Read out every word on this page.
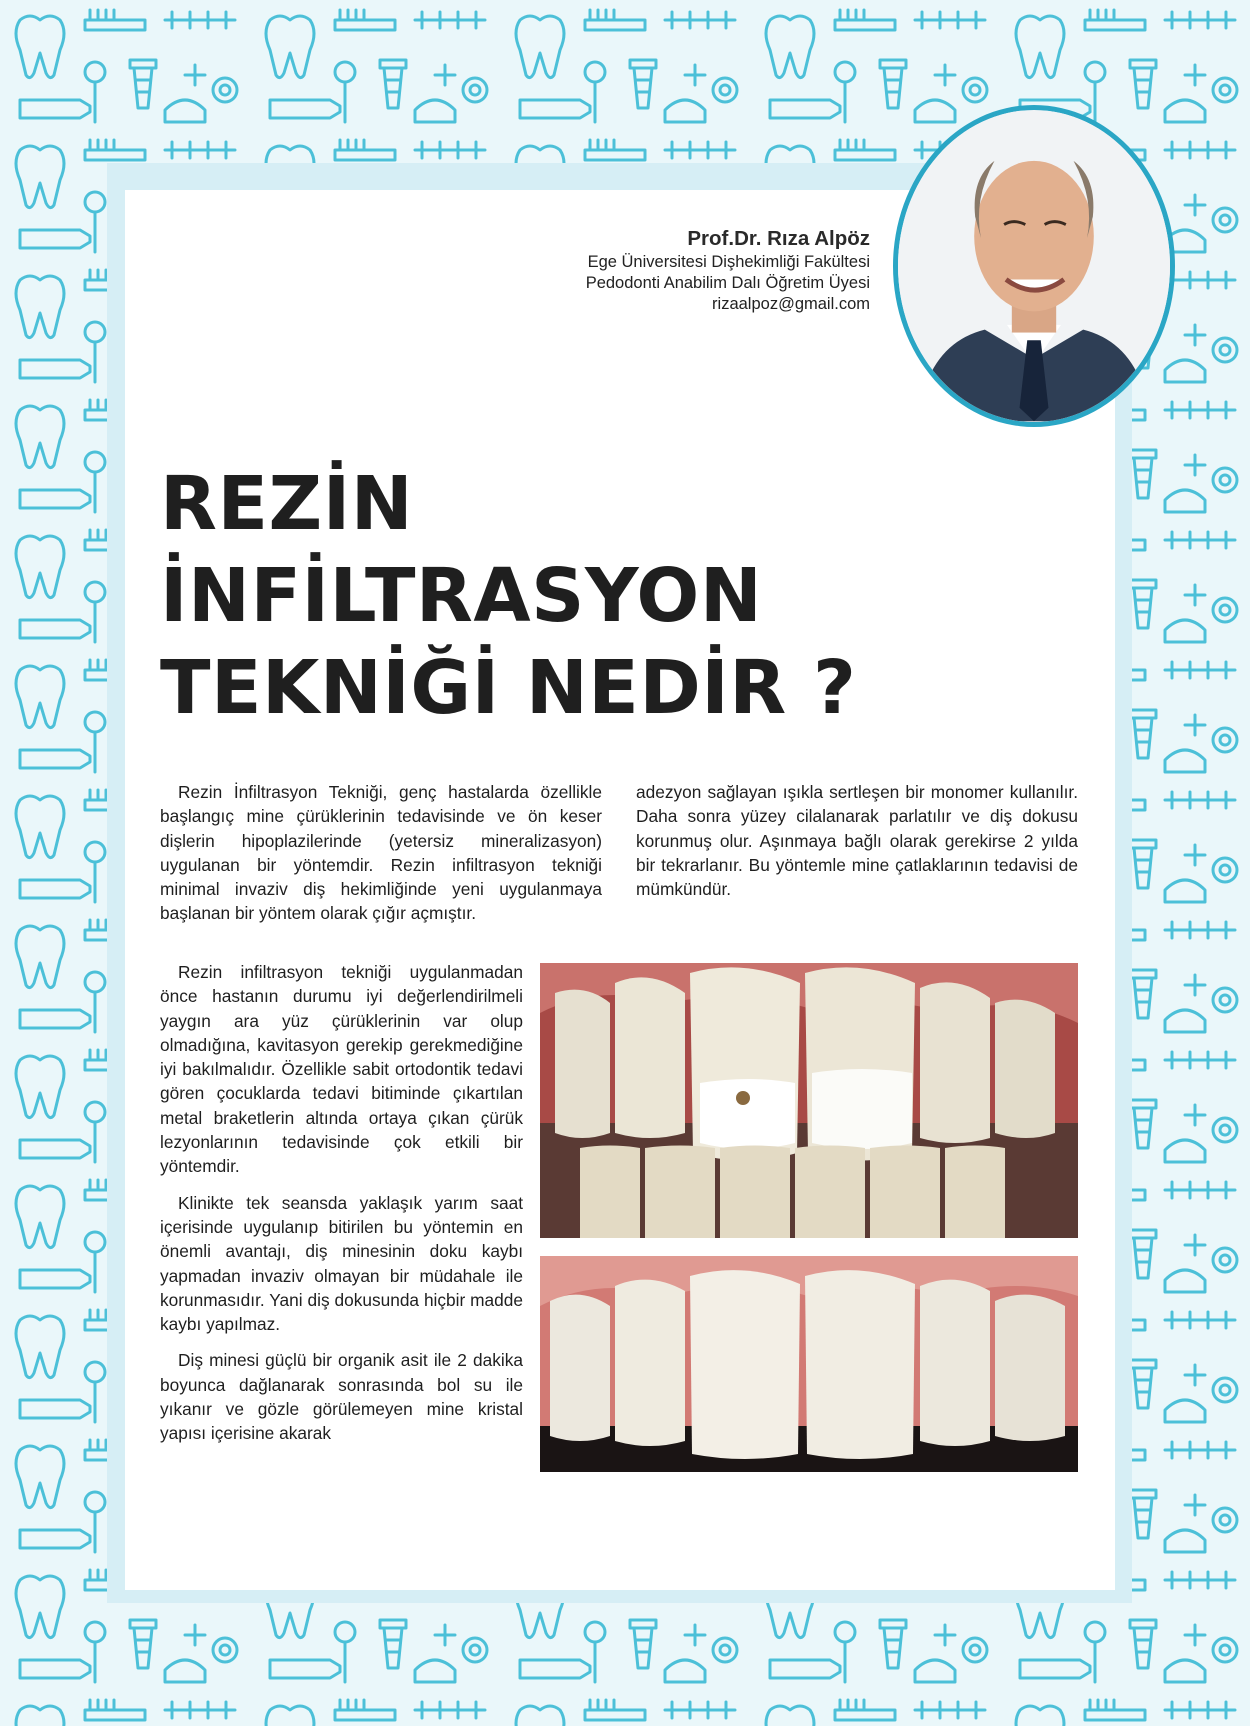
Prof.Dr. Rıza Alpöz
Ege Üniversitesi Dişhekimliği Fakültesi
Pedodonti Anabilim Dalı Öğretim Üyesi
rizaalpoz@gmail.com
REZİN
İNFİLTRASYON
TEKNİĞİ NEDİR ?

Rezin İnfiltrasyon Tekniği, genç hastalarda özellikle başlangıç mine çürüklerinin tedavisinde ve ön keser dişlerin hipoplazilerinde (yetersiz mineralizasyon) uygulanan bir yöntemdir. Rezin infiltrasyon tekniği minimal invaziv diş hekimliğinde yeni uygulanmaya başlanan bir yöntem olarak çığır açmıştır.

adezyon sağlayan ışıkla sertleşen bir monomer kullanılır. Daha sonra yüzey cilalanarak parlatılır ve diş dokusu korunmuş olur. Aşınmaya bağlı olarak gerekirse 2 yılda bir tekrarlanır. Bu yöntemle mine çatlaklarının tedavisi de mümkündür.

Rezin infiltrasyon tekniği uygulanmadan önce hastanın durumu iyi değerlendirilmeli yaygın ara yüz çürüklerinin var olup olmadığına, kavitasyon gerekip gerekmediğine iyi bakılmalıdır. Özellikle sabit ortodontik tedavi gören çocuklarda tedavi bitiminde çıkartılan metal braketlerin altında ortaya çıkan çürük lezyonlarının tedavisinde çok etkili bir yöntemdir.

Klinikte tek seansda yaklaşık yarım saat içerisinde uygulanıp bitirilen bu yöntemin en önemli avantajı, diş minesinin doku kaybı yapmadan invaziv olmayan bir müdahale ile korunmasıdır. Yani diş dokusunda hiçbir madde kaybı yapılmaz.

Diş minesi güçlü bir organik asit ile 2 dakika boyunca dağlanarak sonrasında bol su ile yıkanır ve gözle görülemeyen mine kristal yapısı içerisine akarak
